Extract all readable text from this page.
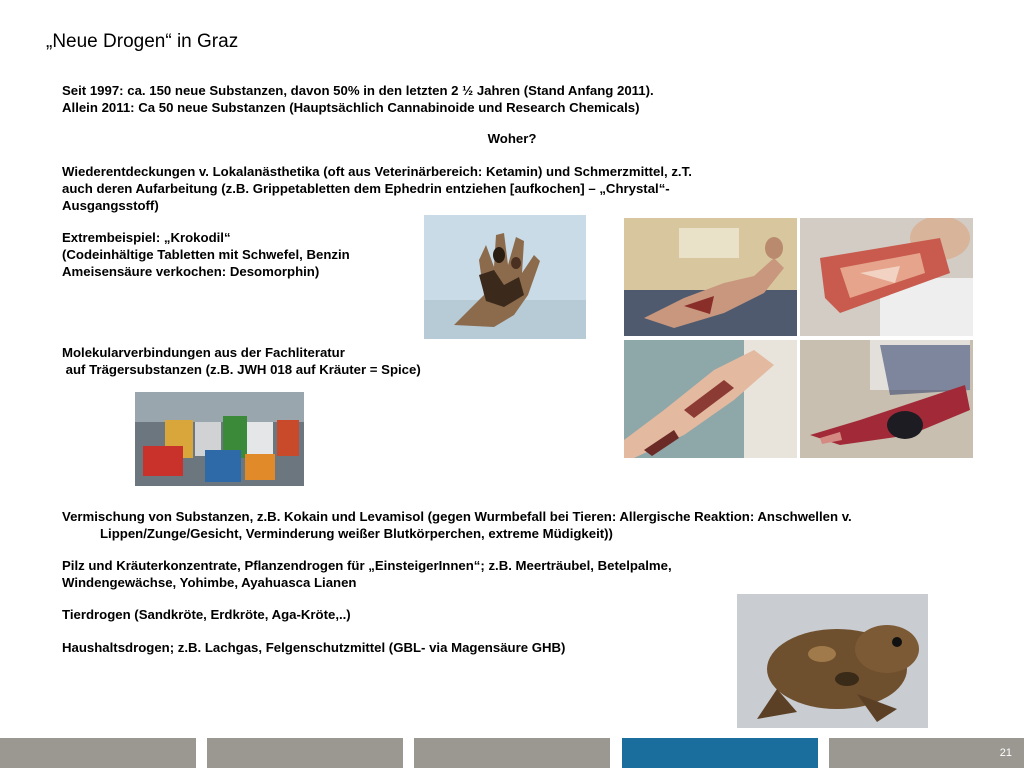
„Neue Drogen“ in Graz
Seit 1997: ca. 150 neue Substanzen, davon 50% in den letzten 2 ½ Jahren (Stand Anfang 2011).
Allein 2011: Ca 50 neue Substanzen (Hauptsächlich Cannabinoide und Research Chemicals)
Woher?
Wiederentdeckungen v. Lokalanästhetika (oft aus Veterinärbereich: Ketamin) und Schmerzmittel, z.T.
auch deren Aufarbeitung (z.B. Grippetabletten dem Ephedrin entziehen [aufkochen] – „Chrystal“-
Ausgangsstoff)
Extrembeispiel: „Krokodil“
(Codeinhältige Tabletten mit Schwefel, Benzin
Ameisensäure verkochen: Desomorphin)
Molekularverbindungen aus der Fachliteratur
auf Trägersubstanzen (z.B. JWH 018 auf Kräuter = Spice)
Vermischung von Substanzen, z.B. Kokain und Levamisol (gegen Wurmbefall bei Tieren: Allergische Reaktion: Anschwellen v.
Lippen/Zunge/Gesicht, Verminderung weißer Blutkörperchen, extreme Müdigkeit))
Pilz und Kräuterkonzentrate, Pflanzendrogen für „EinsteigerInnen“; z.B. Meerträubel, Betelpalme,
Windengewächse, Yohimbe, Ayahuasca Lianen
Tierdrogen (Sandkröte, Erdkröte, Aga-Kröte,..)
Haushaltsdrogen; z.B. Lachgas, Felgenschutzmittel (GBL- via Magensäure GHB)
21
